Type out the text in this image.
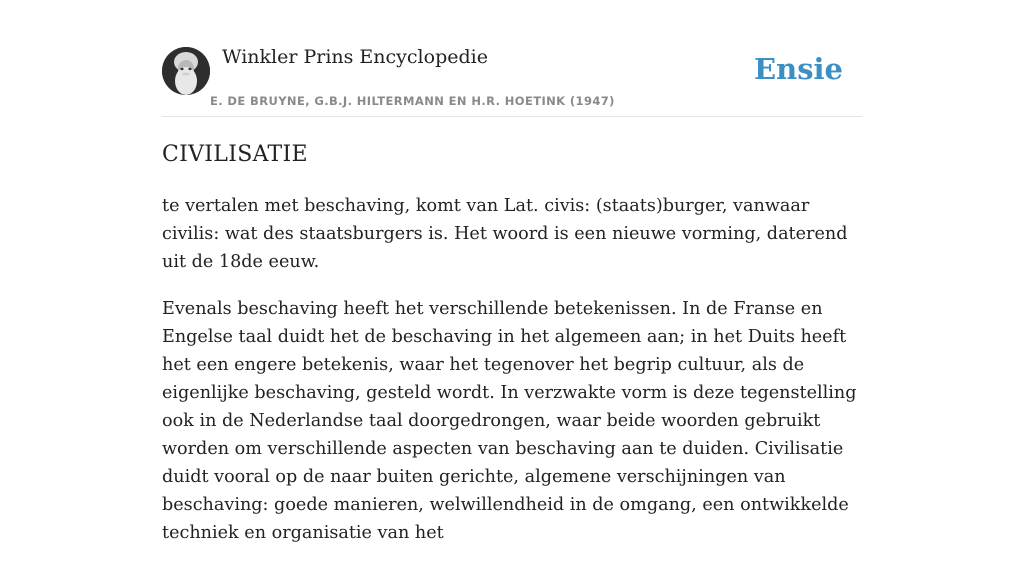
Winkler Prins Encyclopedie
E. DE BRUYNE, G.B.J. HILTERMANN EN H.R. HOETINK (1947)
Ensie
CIVILISATIE

te vertalen met beschaving, komt van Lat. civis: (staats)burger, vanwaar civilis: wat des staatsburgers is. Het woord is een nieuwe vorming, daterend uit de 18de eeuw.

Evenals beschaving heeft het verschillende betekenissen. In de Franse en Engelse taal duidt het de beschaving in het algemeen aan; in het Duits heeft het een engere betekenis, waar het tegenover het begrip cultuur, als de eigenlijke beschaving, gesteld wordt. In verzwakte vorm is deze tegenstelling ook in de Nederlandse taal doorgedrongen, waar beide woorden gebruikt worden om verschillende aspecten van beschaving aan te duiden. Civilisatie duidt vooral op de naar buiten gerichte, algemene verschijningen van beschaving: goede manieren, welwillendheid in de omgang, een ontwikkelde techniek en organisatie van het
